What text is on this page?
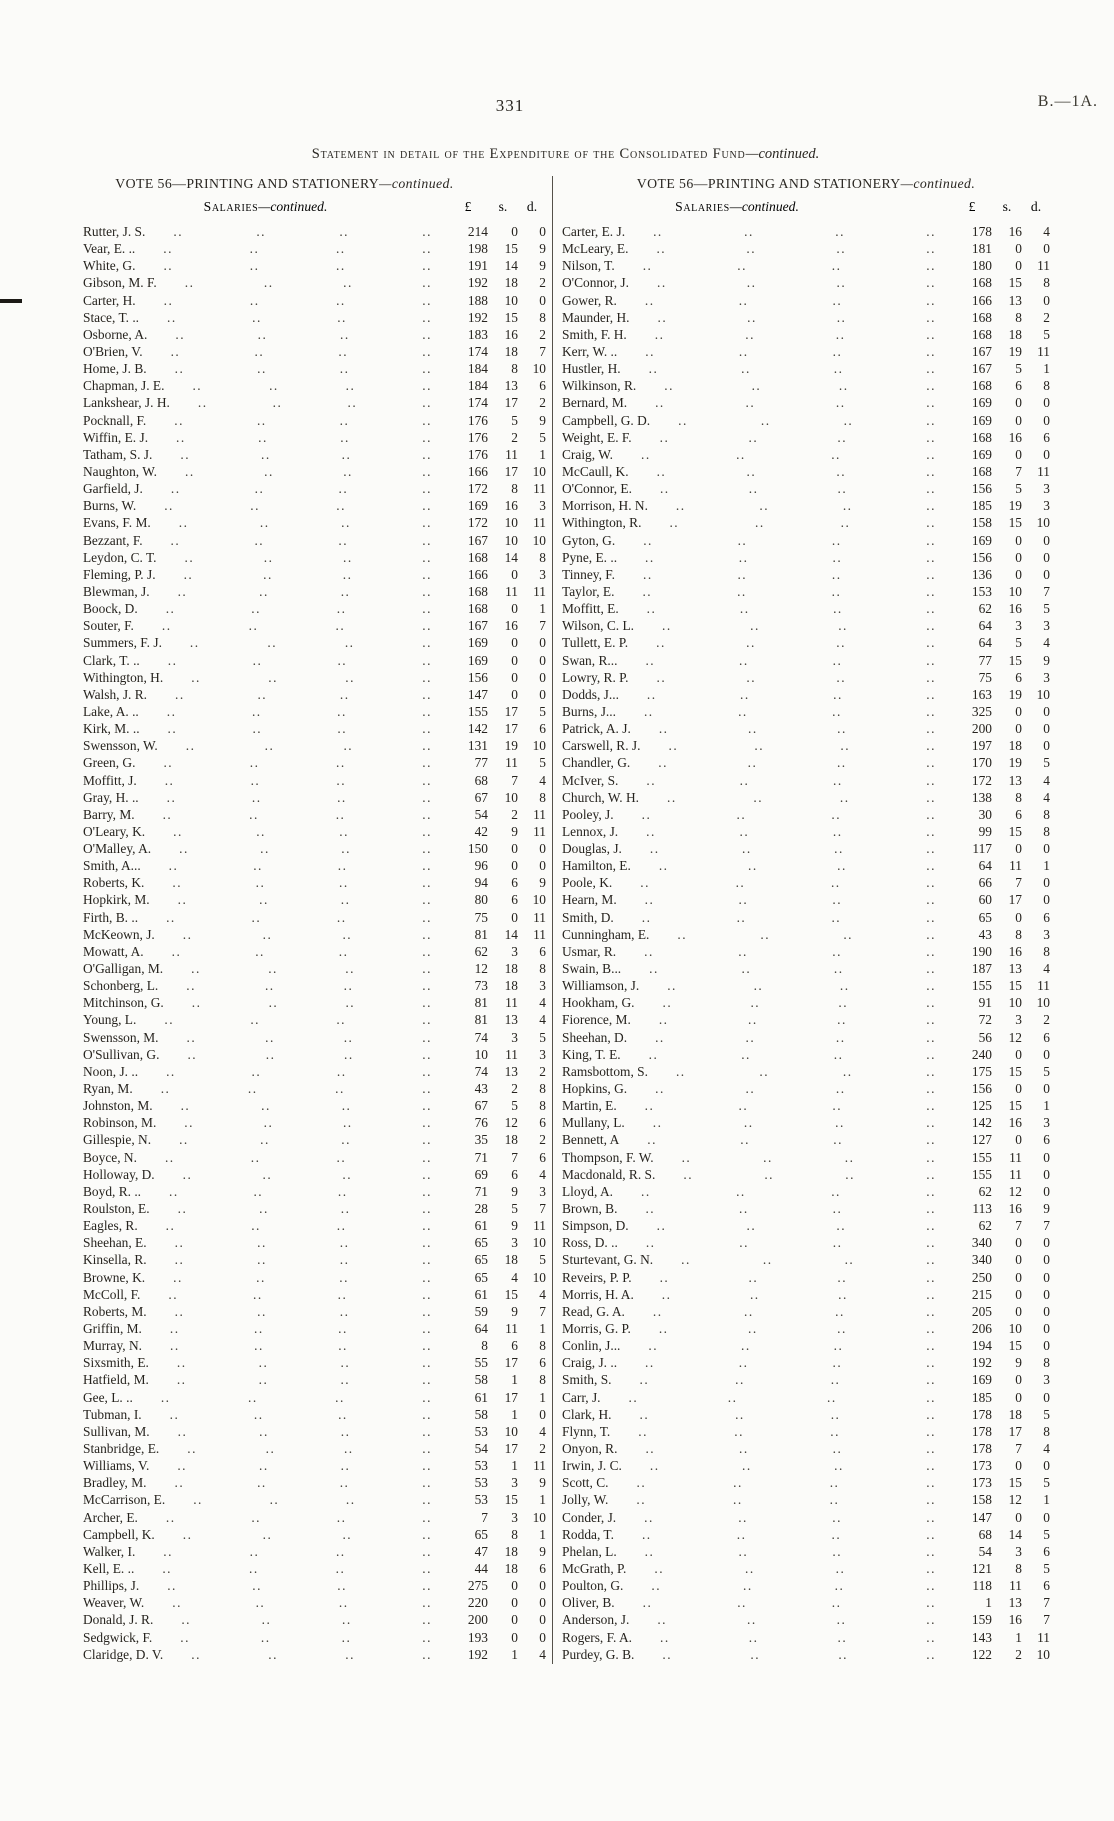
331	B.—1A.
Statement in detail of the Expenditure of the Consolidated Fund—continued.
VOTE 56—PRINTING AND STATIONERY—continued.
Salaries—continued.	£	s.	d.
Rutter, J. S. ..	..	..	..	214	0	0
Vear, E. .. ..	..	..	..	198	15	9
White, G. ..	..	..	..	191	14	9
Gibson, M. F. ..	..	..	..	192	18	2
Carter, H. ..	..	..	..	188	10	0
Stace, T. .. ..	..	..	..	192	15	8
Osborne, A. ..	..	..	..	183	16	2
O'Brien, V. ..	..	..	..	174	18	7
Home, J. B. ..	..	..	..	184	8	10
Chapman, J. E. ..	..	..	..	184	13	6
Lankshear, J. H. ..	..	..	..	174	17	2
Pocknall, F. ..	..	..	..	176	5	9
Wiffin, E. J. ..	..	..	..	176	2	5
Tatham, S. J. ..	..	..	..	176	11	1
Naughton, W. ..	..	..	..	166	17	10
Garfield, J. ..	..	..	..	172	8	11
Burns, W. ..	..	..	..	169	16	3
Evans, F. M. ..	..	..	..	172	10	11
Bezzant, F. ..	..	..	..	167	10	10
Leydon, C. T. ..	..	..	..	168	14	8
Fleming, P. J. ..	..	..	..	166	0	3
Blewman, J. ..	..	..	..	168	11	11
Boock, D. ..	..	..	..	168	0	1
Souter, F. ..	..	..	..	167	16	7
Summers, F. J. ..	..	..	..	169	0	0
Clark, T. .. ..	..	..	..	169	0	0
Withington, H. ..	..	..	..	156	0	0
Walsh, J. R. ..	..	..	..	147	0	0
Lake, A. .. ..	..	..	..	155	17	5
Kirk, M. .. ..	..	..	..	142	17	6
Swensson, W. ..	..	..	..	131	19	10
Green, G. ..	..	..	..	77	11	5
Moffitt, J. ..	..	..	..	68	7	4
Gray, H. .. ..	..	..	..	67	10	8
Barry, M. ..	..	..	..	54	2	11
O'Leary, K. ..	..	..	..	42	9	11
O'Malley, A. ..	..	..	..	150	0	0
Smith, A... ..	..	..	..	96	0	0
Roberts, K. ..	..	..	..	94	6	9
Hopkirk, M. ..	..	..	..	80	6	10
Firth, B. .. ..	..	..	..	75	0	11
McKeown, J. ..	..	..	..	81	14	11
Mowatt, A. ..	..	..	..	62	3	6
O'Galligan, M. ..	..	..	..	12	18	8
Schonberg, L. ..	..	..	..	73	18	3
Mitchinson, G. ..	..	..	..	81	11	4
Young, L. ..	..	..	..	81	13	4
Swensson, M. ..	..	..	..	74	3	5
O'Sullivan, G. ..	..	..	..	10	11	3
Noon, J. .. ..	..	..	..	74	13	2
Ryan, M. ..	..	..	..	43	2	8
Johnston, M. ..	..	..	..	67	5	8
Robinson, M. ..	..	..	..	76	12	6
Gillespie, N. ..	..	..	..	35	18	2
Boyce, N. ..	..	..	..	71	7	6
Holloway, D. ..	..	..	..	69	6	4
Boyd, R. .. ..	..	..	..	71	9	3
Roulston, E. ..	..	..	..	28	5	7
Eagles, R. ..	..	..	..	61	9	11
Sheehan, E. ..	..	..	..	65	3	10
Kinsella, R. ..	..	..	..	65	18	5
Browne, K. ..	..	..	..	65	4	10
McColl, F. ..	..	..	..	61	15	4
Roberts, M. ..	..	..	..	59	9	7
Griffin, M. ..	..	..	..	64	11	1
Murray, N. ..	..	..	..	8	6	8
Sixsmith, E. ..	..	..	..	55	17	6
Hatfield, M. ..	..	..	..	58	1	8
Gee, L. .. ..	..	..	..	61	17	1
Tubman, I. ..	..	..	..	58	1	0
Sullivan, M. ..	..	..	..	53	10	4
Stanbridge, E. ..	..	..	..	54	17	2
Williams, V. ..	..	..	..	53	1	11
Bradley, M. ..	..	..	..	53	3	9
McCarrison, E. ..	..	..	..	53	15	1
Archer, E. ..	..	..	..	7	3	10
Campbell, K. ..	..	..	..	65	8	1
Walker, I. ..	..	..	..	47	18	9
Kell, E. .. ..	..	..	..	44	18	6
Phillips, J. ..	..	..	..	275	0	0
Weaver, W. ..	..	..	..	220	0	0
Donald, J. R. ..	..	..	..	200	0	0
Sedgwick, F. ..	..	..	..	193	0	0
Claridge, D. V. ..	..	..	..	192	1	4
VOTE 56—PRINTING AND STATIONERY—continued.
Salaries—continued.	£	s.	d.
Carter, E. J. ..	..	..	..	178	16	4
McLeary, E. ..	..	..	..	181	0	0
Nilson, T. ..	..	..	..	180	0	11
O'Connor, J. ..	..	..	..	168	15	8
Gower, R. ..	..	..	..	166	13	0
Maunder, H. ..	..	..	..	168	8	2
Smith, F. H. ..	..	..	..	168	18	5
Kerr, W. .. ..	..	..	..	167	19	11
Hustler, H. ..	..	..	..	167	5	1
Wilkinson, R. ..	..	..	..	168	6	8
Bernard, M. ..	..	..	..	169	0	0
Campbell, G. D. ..	..	..	..	169	0	0
Weight, E. F. ..	..	..	..	168	16	6
Craig, W. ..	..	..	..	169	0	0
McCaull, K. ..	..	..	..	168	7	11
O'Connor, E. ..	..	..	..	156	5	3
Morrison, H. N. ..	..	..	..	185	19	3
Withington, R. ..	..	..	..	158	15	10
Gyton, G. ..	..	..	..	169	0	0
Pyne, E. .. ..	..	..	..	156	0	0
Tinney, F. ..	..	..	..	136	0	0
Taylor, E. ..	..	..	..	153	10	7
Moffitt, E. ..	..	..	..	62	16	5
Wilson, C. L. ..	..	..	..	64	3	3
Tullett, E. P. ..	..	..	..	64	5	4
Swan, R... ..	..	..	..	77	15	9
Lowry, R. P. ..	..	..	..	75	6	3
Dodds, J... ..	..	..	..	163	19	10
Burns, J... ..	..	..	..	325	0	0
Patrick, A. J. ..	..	..	..	200	0	0
Carswell, R. J. ..	..	..	..	197	18	0
Chandler, G. ..	..	..	..	170	19	5
McIver, S. ..	..	..	..	172	13	4
Church, W. H. ..	..	..	..	138	8	4
Pooley, J. ..	..	..	..	30	6	8
Lennox, J. ..	..	..	..	99	15	8
Douglas, J. ..	..	..	..	117	0	0
Hamilton, E. ..	..	..	..	64	11	1
Poole, K. ..	..	..	..	66	7	0
Hearn, M. ..	..	..	..	60	17	0
Smith, D. ..	..	..	..	65	0	6
Cunningham, E. ..	..	..	..	43	8	3
Usmar, R. ..	..	..	..	190	16	8
Swain, B... ..	..	..	..	187	13	4
Williamson, J. ..	..	..	..	155	15	11
Hookham, G. ..	..	..	..	91	10	10
Fiorence, M. ..	..	..	..	72	3	2
Sheehan, D. ..	..	..	..	56	12	6
King, T. E. ..	..	..	..	240	0	0
Ramsbottom, S. ..	..	..	..	175	15	5
Hopkins, G. ..	..	..	..	156	0	0
Martin, E. ..	..	..	..	125	15	1
Mullany, L. ..	..	..	..	142	16	3
Bennett, A ..	..	..	..	127	0	6
Thompson, F. W. ..	..	..	..	155	11	0
Macdonald, R. S. ..	..	..	..	155	11	0
Lloyd, A. ..	..	..	..	62	12	0
Brown, B. ..	..	..	..	113	16	9
Simpson, D. ..	..	..	..	62	7	7
Ross, D. .. ..	..	..	..	340	0	0
Sturtevant, G. N. ..	..	..	..	340	0	0
Reveirs, P. P. ..	..	..	..	250	0	0
Morris, H. A. ..	..	..	..	215	0	0
Read, G. A. ..	..	..	..	205	0	0
Morris, G. P. ..	..	..	..	206	10	0
Conlin, J... ..	..	..	..	194	15	0
Craig, J. .. ..	..	..	..	192	9	8
Smith, S. ..	..	..	..	169	0	3
Carr, J. ..	..	..	..	185	0	0
Clark, H. ..	..	..	..	178	18	5
Flynn, T. ..	..	..	..	178	17	8
Onyon, R. ..	..	..	..	178	7	4
Irwin, J. C. ..	..	..	..	173	0	0
Scott, C. ..	..	..	..	173	15	5
Jolly, W. ..	..	..	..	158	12	1
Conder, J. ..	..	..	..	147	0	0
Rodda, T. ..	..	..	..	68	14	5
Phelan, L. ..	..	..	..	54	3	6
McGrath, P. ..	..	..	..	121	8	5
Poulton, G. ..	..	..	..	118	11	6
Oliver, B. ..	..	..	..	1	13	7
Anderson, J. ..	..	..	..	159	16	7
Rogers, F. A. ..	..	..	..	143	1	11
Purdey, G. B. ..	..	..	..	122	2	10
